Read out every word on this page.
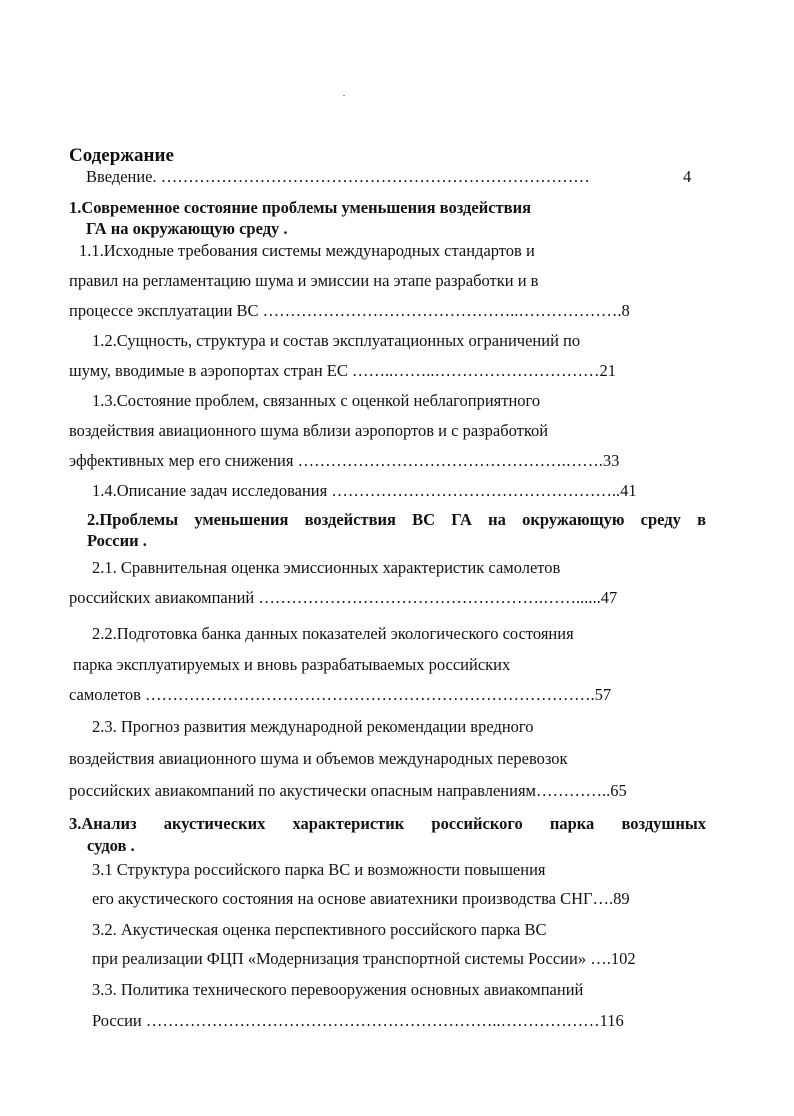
Содержание
Введение. ……………………………………………………………………	4
1.Современное состояние проблемы уменьшения воздействия
ГА на окружающую среду .
1.1.Исходные требования системы международных стандартов и
правил на регламентацию шума и эмиссии на этапе разработки и в
процессе эксплуатации ВС ………………………………………..……………….8
1.2.Сущность, структура и состав эксплуатационных ограничений по
шуму, вводимые в аэропортах стран ЕС ……..……..…………………………21
1.3.Состояние проблем, связанных с оценкой неблагоприятного
воздействия авиационного шума вблизи аэропортов и с разработкой
эффективных мер его снижения ………………………………………….…….33
1.4.Описание задач исследования ……………………………………………..41
2.Проблемы уменьшения воздействия ВС ГА на окружающую среду в
России .
2.1. Сравнительная оценка эмиссионных характеристик самолетов
российских авиакомпаний …………………………………………….……......47
2.2.Подготовка банка данных показателей экологического состояния
парка эксплуатируемых и вновь разрабатываемых российских
самолетов ……………………………………………………………………….57
2.3. Прогноз развития международной рекомендации вредного
воздействия авиационного шума и объемов международных перевозок
российских авиакомпаний по акустически опасным направлениям…………..65
3.Анализ акустических характеристик российского парка воздушных
судов .
3.1 Структура российского парка ВС и возможности повышения
его акустического состояния на основе авиатехники производства СНГ….89
3.2. Акустическая оценка перспективного российского парка ВС
при реализации ФЦП «Модернизация транспортной системы России» ….102
3.3. Политика технического перевооружения основных авиакомпаний
России ………………………………………………………..………………116
